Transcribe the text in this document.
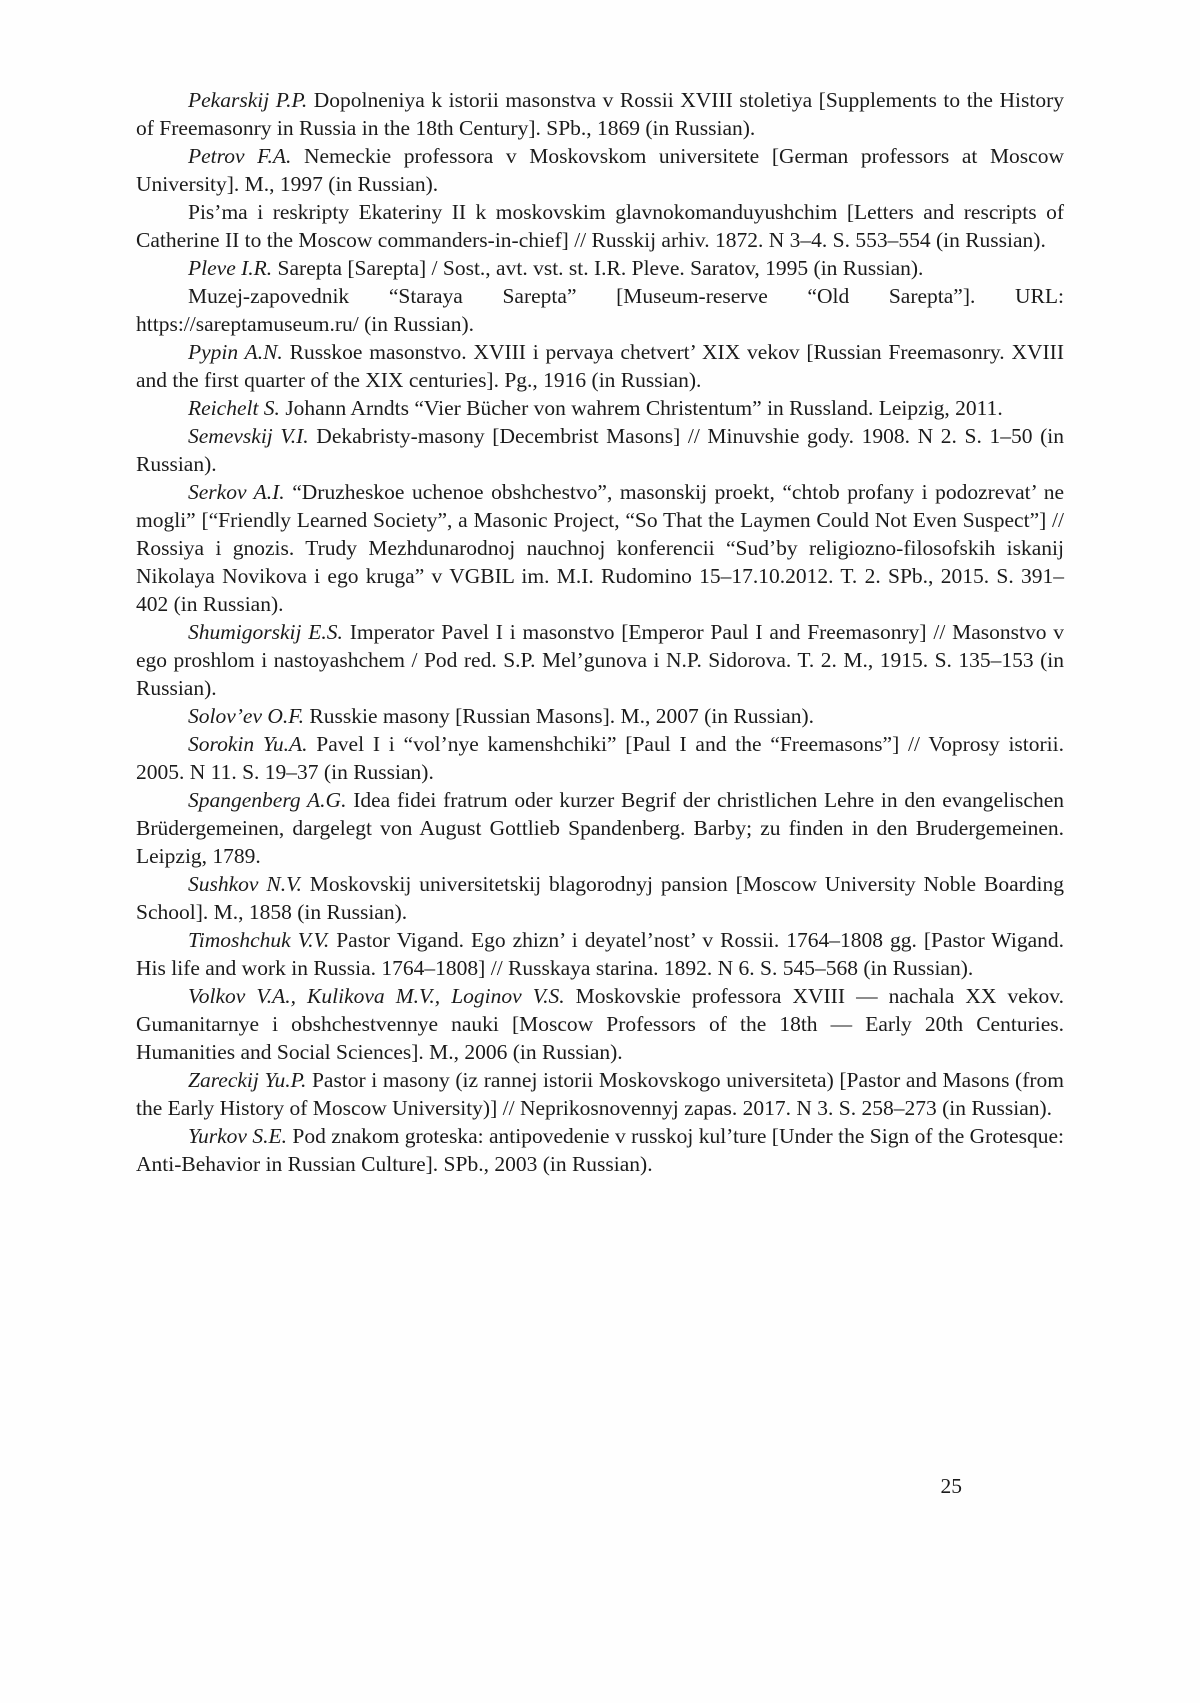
Pekarskij P.P. Dopolneniya k istorii masonstva v Rossii XVIII stoletiya [Supplements to the History of Freemasonry in Russia in the 18th Century]. SPb., 1869 (in Russian).

Petrov F.A. Nemeckie professora v Moskovskom universitete [German professors at Moscow University]. M., 1997 (in Russian).

Pis’ma i reskripty Ekateriny II k moskovskim glavnokomanduyushchim [Letters and rescripts of Catherine II to the Moscow commanders-in-chief] // Russkij arhiv. 1872. N 3–4. S. 553–554 (in Russian).

Pleve I.R. Sarepta [Sarepta] / Sost., avt. vst. st. I.R. Pleve. Saratov, 1995 (in Russian).

Muzej-zapovednik “Staraya Sarepta” [Museum-reserve “Old Sarepta”]. URL: https://sareptamuseum.ru/ (in Russian).

Pypin A.N. Russkoe masonstvo. XVIII i pervaya chetvert’ XIX vekov [Russian Freemasonry. XVIII and the first quarter of the XIX centuries]. Pg., 1916 (in Russian).

Reichelt S. Johann Arndts “Vier Bücher von wahrem Christentum” in Russland. Leipzig, 2011.

Semevskij V.I. Dekabristy-masony [Decembrist Masons] // Minuvshie gody. 1908. N 2. S. 1–50 (in Russian).

Serkov A.I. “Druzheskoe uchenoe obshchestvo”, masonskij proekt, “chtob profany i podozrevat’ ne mogli” [“Friendly Learned Society”, a Masonic Project, “So That the Laymen Could Not Even Suspect”] // Rossiya i gnozis. Trudy Mezhdunarodnoj nauchnoj konferencii “Sud’by religiozno-filosofskih iskanij Nikolaya Novikova i ego kruga” v VGBIL im. M.I. Rudomino 15–17.10.2012. T. 2. SPb., 2015. S. 391–402 (in Russian).

Shumigorskij E.S. Imperator Pavel I i masonstvo [Emperor Paul I and Freemasonry] // Masonstvo v ego proshlom i nastoyashchem / Pod red. S.P. Mel’gunova i N.P. Sidorova. T. 2. M., 1915. S. 135–153 (in Russian).

Solov’ev O.F. Russkie masony [Russian Masons]. M., 2007 (in Russian).

Sorokin Yu.A. Pavel I i “vol’nye kamenshchiki” [Paul I and the “Freemasons”] // Voprosy istorii. 2005. N 11. S. 19–37 (in Russian).

Spangenberg A.G. Idea fidei fratrum oder kurzer Begrif der christlichen Lehre in den evangelischen Brüdergemeinen, dargelegt von August Gottlieb Spandenberg. Barby; zu finden in den Brudergemeinen. Leipzig, 1789.

Sushkov N.V. Moskovskij universitetskij blagorodnyj pansion [Moscow University Noble Boarding School]. M., 1858 (in Russian).

Timoshchuk V.V. Pastor Vigand. Ego zhizn’ i deyatel’nost’ v Rossii. 1764–1808 gg. [Pastor Wigand. His life and work in Russia. 1764–1808] // Russkaya starina. 1892. N 6. S. 545–568 (in Russian).

Volkov V.A., Kulikova M.V., Loginov V.S. Moskovskie professora XVIII — nachala XX vekov. Gumanitarnye i obshchestvennye nauki [Moscow Professors of the 18th — Early 20th Centuries. Humanities and Social Sciences]. M., 2006 (in Russian).

Zareckij Yu.P. Pastor i masony (iz rannej istorii Moskovskogo universiteta) [Pastor and Masons (from the Early History of Moscow University)] // Neprikosnovennyj zapas. 2017. N 3. S. 258–273 (in Russian).

Yurkov S.E. Pod znakom groteska: antipovedenie v russkoj kul’ture [Under the Sign of the Grotesque: Anti-Behavior in Russian Culture]. SPb., 2003 (in Russian).

25
